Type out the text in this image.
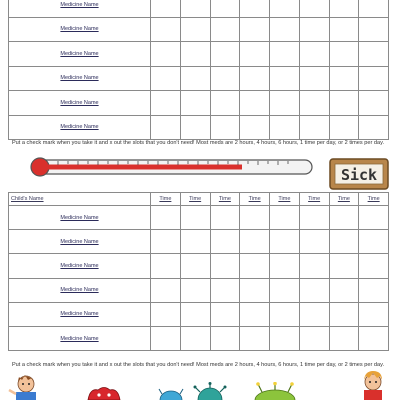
Medicine Name								
Medicine Name								
Medicine Name								
Medicine Name								
Medicine Name								
Medicine Name								
Put a check mark when you take it and x out the slots that you don't need! Most meds are 2 hours, 4 hours, 6 hours, 1 time per day, or 2 times per day.
Sick
Child's Name	Time	Time	Time	Time	Time	Time	Time	Time
Medicine Name								
Medicine Name								
Medicine Name								
Medicine Name								
Medicine Name								
Medicine Name								
Put a check mark when you take it and x out the slots that you don't need! Most meds are 2 hours, 4 hours, 6 hours, 1 time per day, or 2 times per day.
